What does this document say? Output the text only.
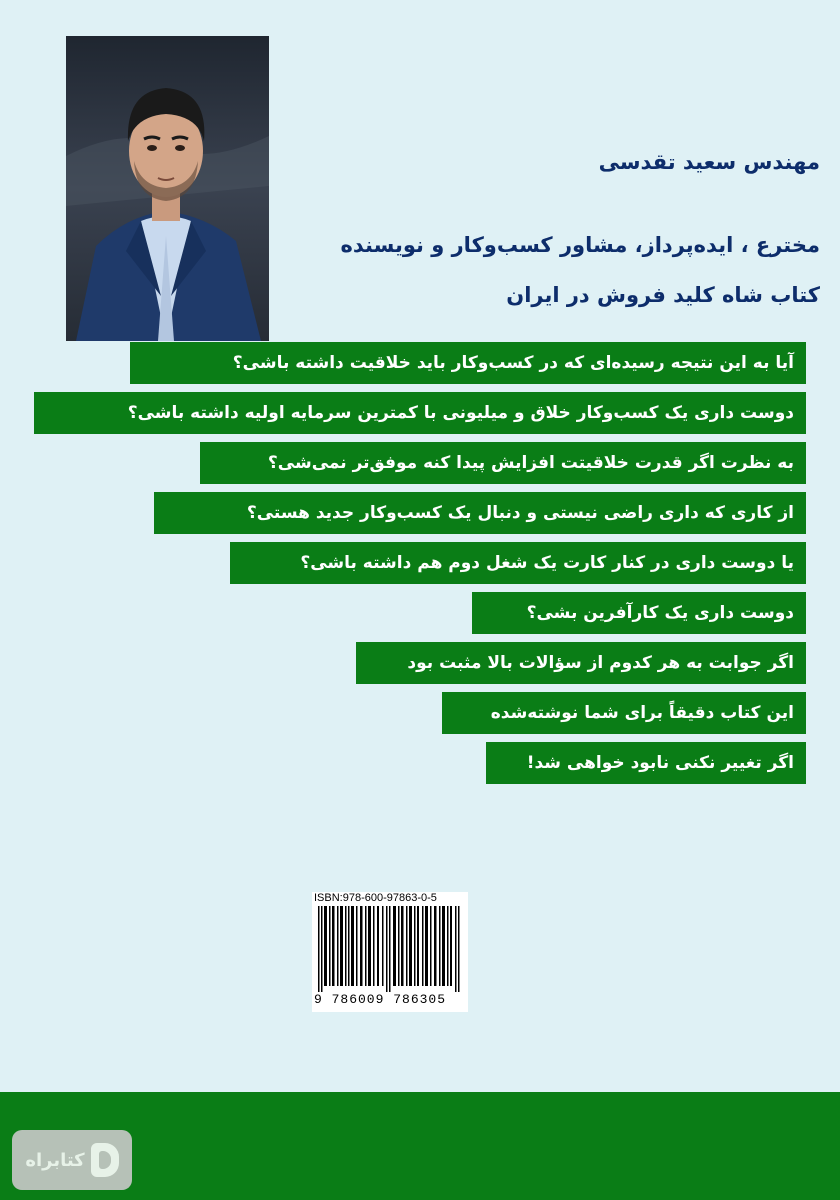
مهندس سعید تقدسی

مخترع ، ایده‌پرداز، مشاور کسب‌وکار و نویسنده

کتاب شاه کلید فروش در ایران

آیا به این نتیجه رسیده‌ای که در کسب‌وکار باید خلاقیت داشته باشی؟
دوست داری یک کسب‌وکار خلاق و میلیونی با کمترین سرمایه اولیه داشته باشی؟
به نظرت اگر قدرت خلاقیتت افزایش پیدا کنه موفق‌تر نمی‌شی؟
از کاری که داری راضی نیستی و دنبال یک کسب‌وکار جدید هستی؟
یا دوست داری در کنار کارت یک شغل دوم هم داشته باشی؟
دوست داری یک کارآفرین بشی؟
اگر جوابت به هر کدوم از سؤالات بالا مثبت بود
این کتاب دقیقاً برای شما نوشته‌شده
اگر تغییر نکنی نابود خواهی شد!
ISBN:978-600-97863-0-5
9 786009 786305
کتابراه
